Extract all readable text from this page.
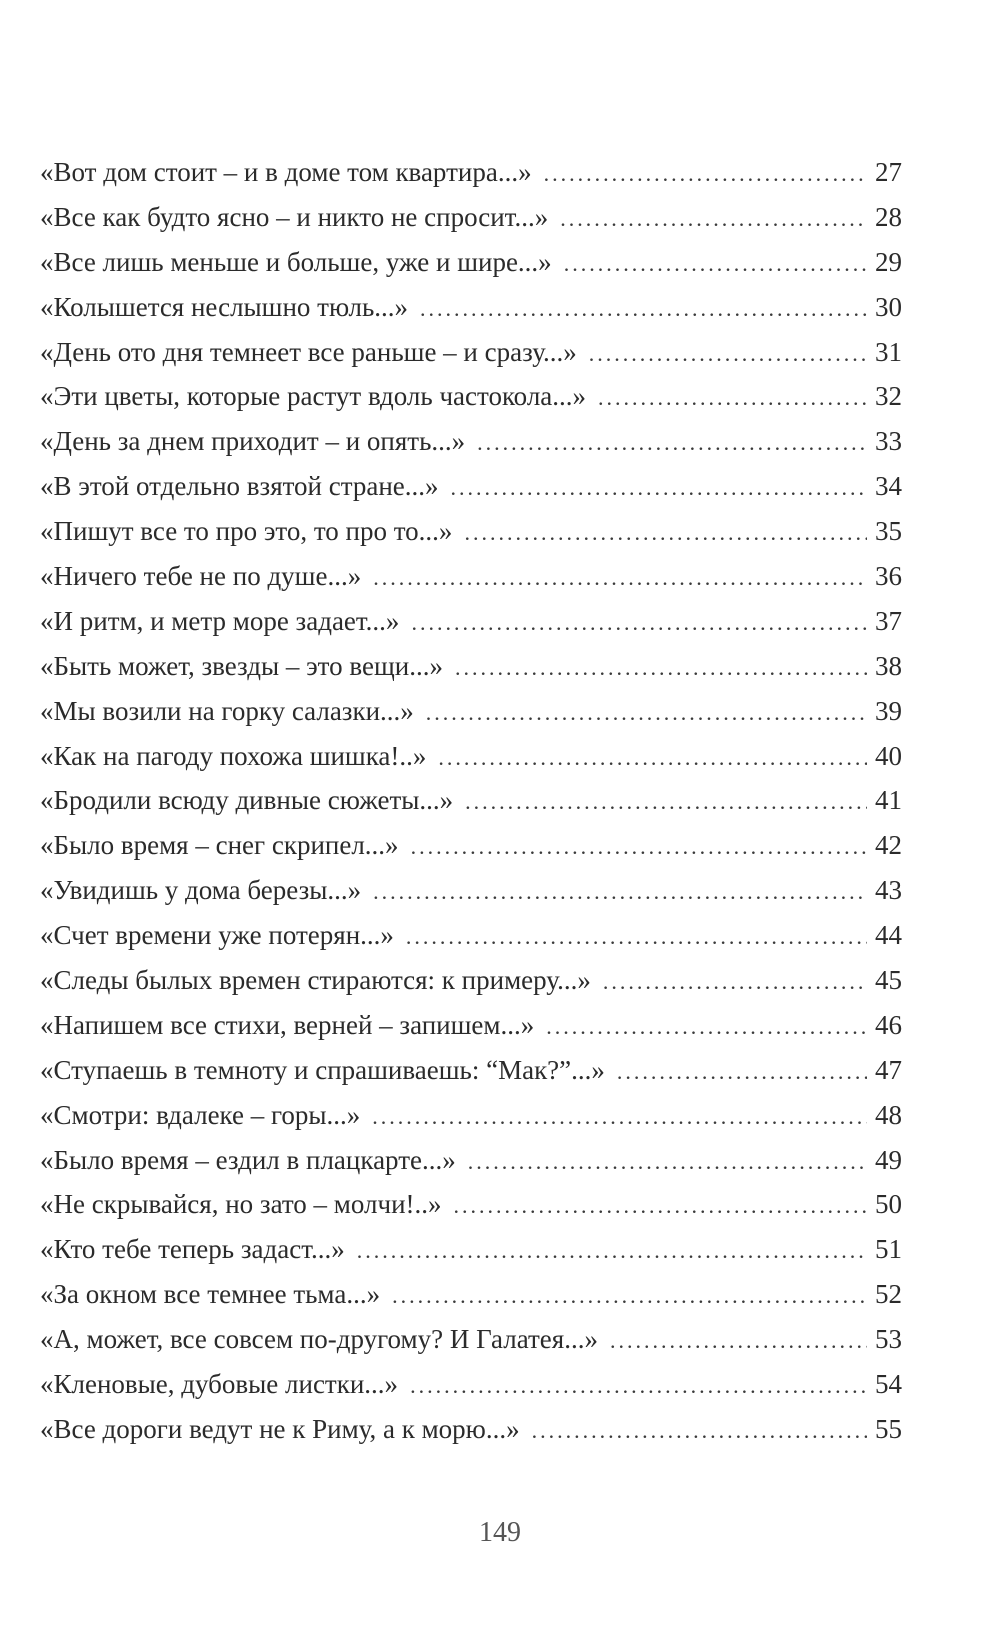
«Вот дом стоит – и в доме том квартира...» .....	27
«Все как будто ясно – и никто не спросит...» .....	28
«Все лишь меньше и больше, уже и шире...» .....	29
«Колышется неслышно тюль...» .....	30
«День ото дня темнеет все раньше – и сразу...» .....	31
«Эти цветы, которые растут вдоль частокола...» .....	32
«День за днем приходит – и опять...» .....	33
«В этой отдельно взятой стране...» .....	34
«Пишут все то про это, то про то...» .....	35
«Ничего тебе не по душе...» .....	36
«И ритм, и метр море задает...» .....	37
«Быть может, звезды – это вещи...» .....	38
«Мы возили на горку салазки...» .....	39
«Как на пагоду похожа шишка!..» .....	40
«Бродили всюду дивные сюжеты...» .....	41
«Было время – снег скрипел...» .....	42
«Увидишь у дома березы...» .....	43
«Счет времени уже потерян...» .....	44
«Следы былых времен стираются: к примеру...» .....	45
«Напишем все стихи, верней – запишем...» .....	46
«Ступаешь в темноту и спрашиваешь: “Мак?”...» .....	47
«Смотри: вдалеке – горы...» .....	48
«Было время – ездил в плацкарте...» .....	49
«Не скрывайся, но зато – молчи!..» .....	50
«Кто тебе теперь задаст...» .....	51
«За окном все темнее тьма...» .....	52
«А, может, все совсем по-другому? И Галатея...» .....	53
«Кленовые, дубовые листки...» .....	54
«Все дороги ведут не к Риму, а к морю...» .....	55
149
